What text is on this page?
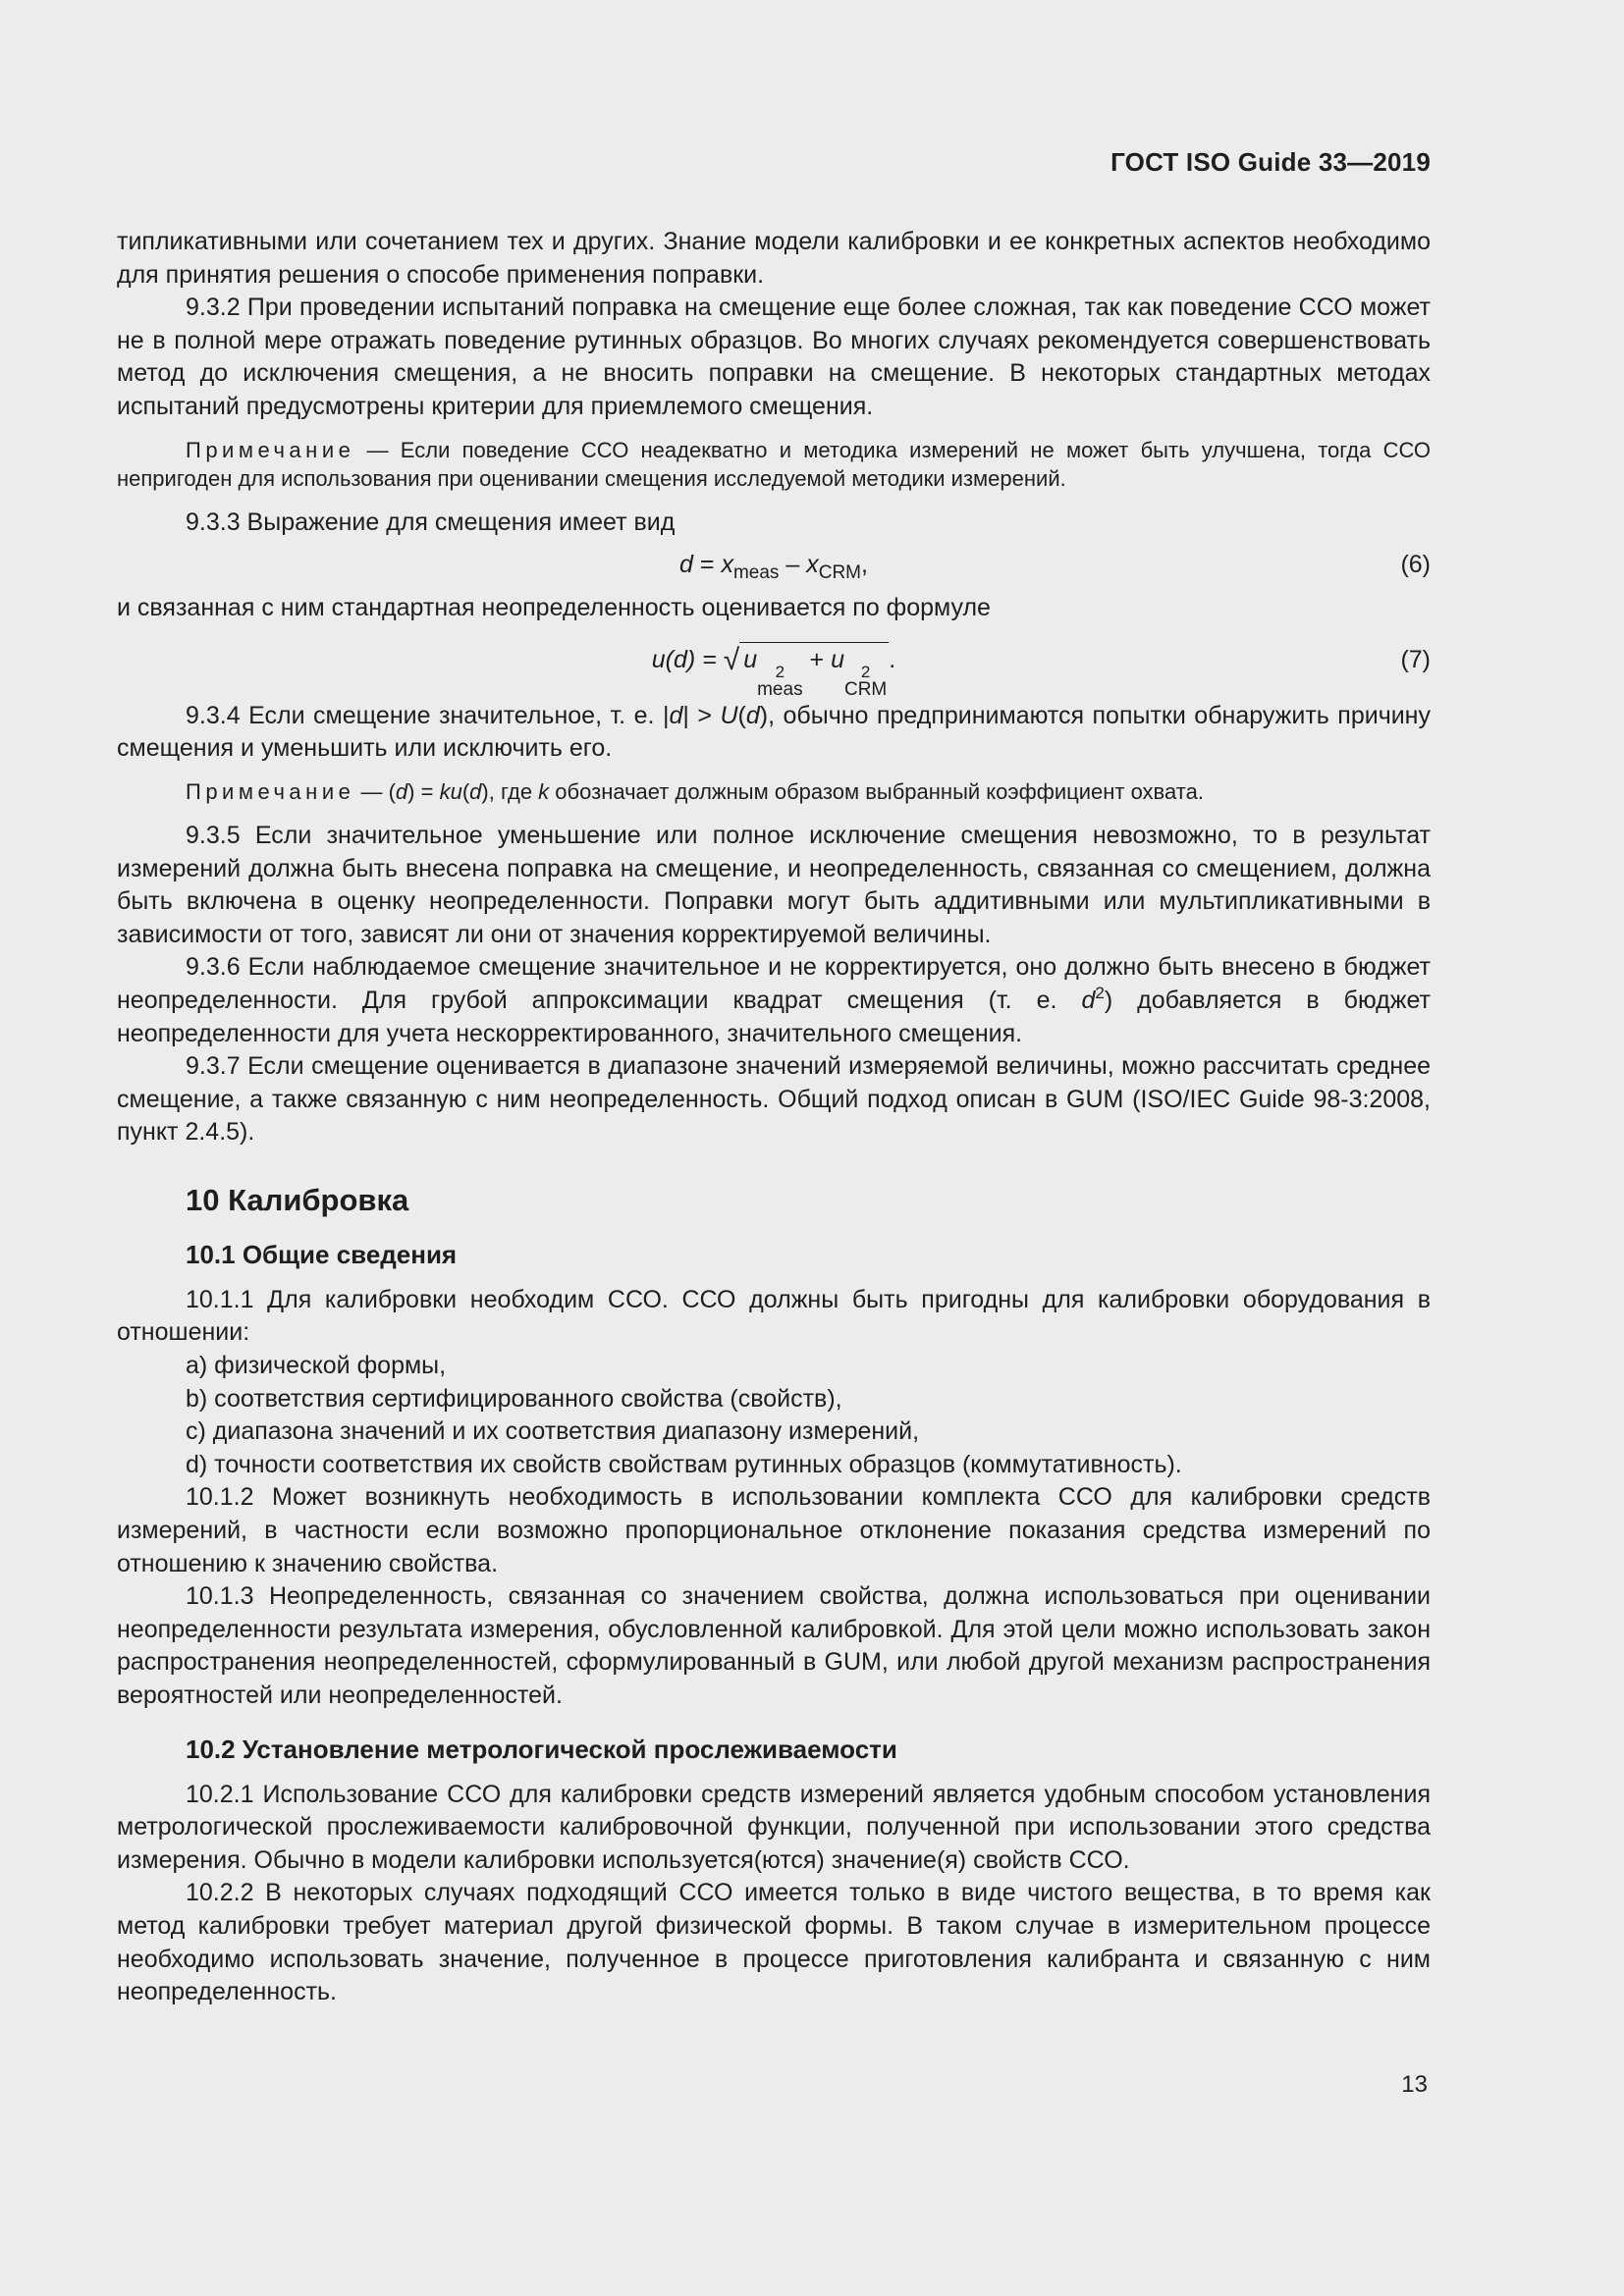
ГОСТ ISO Guide 33—2019

типликативными или сочетанием тех и других. Знание модели калибровки и ее конкретных аспектов необходимо для принятия решения о способе применения поправки.

9.3.2 При проведении испытаний поправка на смещение еще более сложная, так как поведение ССО может не в полной мере отражать поведение рутинных образцов. Во многих случаях рекомендуется совершенствовать метод до исключения смещения, а не вносить поправки на смещение. В некоторых стандартных методах испытаний предусмотрены критерии для приемлемого смещения.

Примечание — Если поведение ССО неадекватно и методика измерений не может быть улучшена, тогда ССО непригоден для использования при оценивании смещения исследуемой методики измерений.

9.3.3 Выражение для смещения имеет вид

$d = x_{meas} - x_{CRM}$,	(6)

и связанная с ним стандартная неопределенность оценивается по формуле

u(d) = √ u	2
meas
+ u 2
CRM
.	(7)

9.3.4 Если смещение значительное, т. е. |d| > U(d), обычно предпринимаются попытки обнаружить причину смещения и уменьшить или исключить его.

Примечание — (d) = ku(d), где k обозначает должным образом выбранный коэффициент охвата.

9.3.5 Если значительное уменьшение или полное исключение смещения невозможно, то в результат измерений должна быть внесена поправка на смещение, и неопределенность, связанная со смещением, должна быть включена в оценку неопределенности. Поправки могут быть аддитивными или мультипликативными в зависимости от того, зависят ли они от значения корректируемой величины.

9.3.6 Если наблюдаемое смещение значительное и не корректируется, оно должно быть внесено в бюджет неопределенности. Для грубой аппроксимации квадрат смещения (т. е. $d^2$) добавляется в бюджет неопределенности для учета нескорректированного, значительного смещения.

9.3.7 Если смещение оценивается в диапазоне значений измеряемой величины, можно рассчитать среднее смещение, а также связанную с ним неопределенность. Общий подход описан в GUM (ISO/IEC Guide 98-3:2008, пункт 2.4.5).

10 Калибровка
10.1 Общие сведения

10.1.1 Для калибровки необходим ССО. ССО должны быть пригодны для калибровки оборудования в отношении:

a) физической формы,

b) соответствия сертифицированного свойства (свойств),

c) диапазона значений и их соответствия диапазону измерений,

d) точности соответствия их свойств свойствам рутинных образцов (коммутативность).

10.1.2 Может возникнуть необходимость в использовании комплекта ССО для калибровки средств измерений, в частности если возможно пропорциональное отклонение показания средства измерений по отношению к значению свойства.

10.1.3 Неопределенность, связанная со значением свойства, должна использоваться при оценивании неопределенности результата измерения, обусловленной калибровкой. Для этой цели можно использовать закон распространения неопределенностей, сформулированный в GUM, или любой другой механизм распространения вероятностей или неопределенностей.

10.2 Установление метрологической прослеживаемости

10.2.1 Использование ССО для калибровки средств измерений является удобным способом установления метрологической прослеживаемости калибровочной функции, полученной при использовании этого средства измерения. Обычно в модели калибровки используется(ются) значение(я) свойств ССО.

10.2.2 В некоторых случаях подходящий ССО имеется только в виде чистого вещества, в то время как метод калибровки требует материал другой физической формы. В таком случае в измерительном процессе необходимо использовать значение, полученное в процессе приготовления калибранта и связанную с ним неопределенность.

13
